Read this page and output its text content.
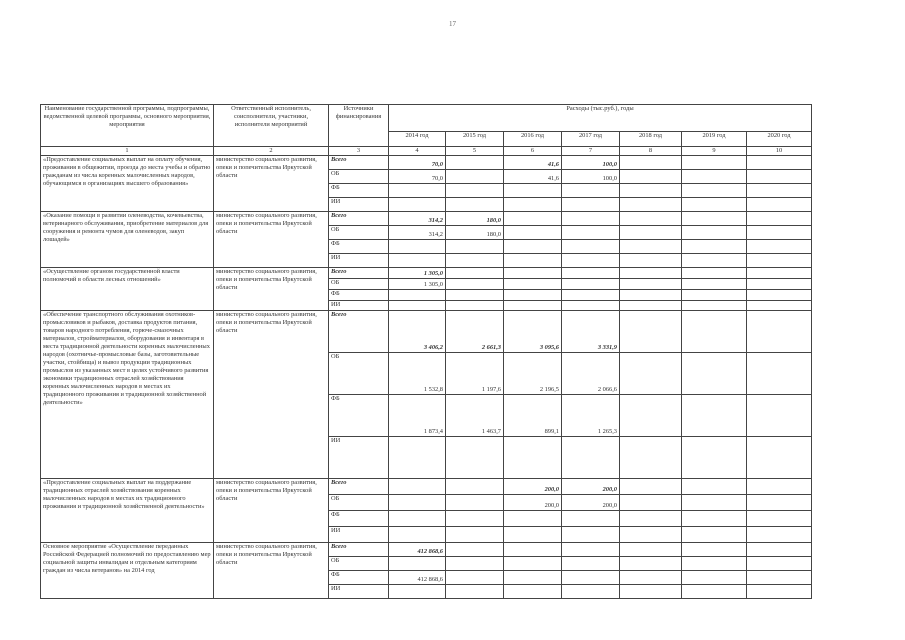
17
Наименование государственной программы, подпрограммы, ведомственной целевой программы, основного мероприятия, мероприятия	Ответственный исполнитель, соисполнители, участники, исполнители мероприятий	Источники финансирования	Расходы (тыс.руб.), годы						
			2014 год	2015 год	2016 год	2017 год	2018 год	2019 год	2020 год
1	2	3	4	5	6	7	8	9	10
«Предоставление социальных выплат на оплату обучения, проживания в общежитии, проезда до места учебы и обратно гражданам из числа коренных малочисленных народов, обучающимся в организациях высшего образования»	министерство социального развития, опеки и попечительства Иркутской области	Всего	70,0		41,6	100,0			
		ОБ	70,0		41,6	100,0			
		ФБ							
		ИИ							
«Оказание помощи в развитии оленеводства, кочевьевства, ветеринарного обслуживания, приобретение материалов для сооружения и ремонта чумов для оленеводов, закуп лошадей»	министерство социального развития, опеки и попечительства Иркутской области	Всего	314,2	180,0					
		ОБ	314,2	180,0					
		ФБ							
		ИИ							
«Осуществление органом государственной власти полномочий в области лесных отношений»	министерство социального развития, опеки и попечительства Иркутской области	Всего	1 305,0						
		ОБ	1 305,0						
		ФБ							
		ИИ							
«Обеспечение транспортного обслуживания охотников-промысловиков и рыбаков, доставка продуктов питания, товаров народного потребления, горюче-смазочных материалов, стройматериалов, оборудования и инвентаря в места традиционной деятельности коренных малочисленных народов (охотничье-промысловые базы, заготовительные участки, стойбища) и вывоз продукции традиционных промыслов из указанных мест в целях устойчивого развития экономики традиционных отраслей хозяйствования коренных малочисленных народов в местах их традиционного проживания и традиционной хозяйственной деятельности»	министерство социального развития, опеки и попечительства Иркутской области	Всего	3 406,2	2 661,3	3 095,6	3 331,9			
		ОБ	1 532,8	1 197,6	2 196,5	2 066,6			
		ФБ	1 873,4	1 463,7	899,1	1 265,3			
		ИИ							
«Предоставление социальных выплат на поддержание традиционных отраслей хозяйствования коренных малочисленных народов в местах их традиционного проживания и традиционной хозяйственной деятельности»	министерство социального развития, опеки и попечительства Иркутской области	Всего			200,0	200,0			
		ОБ			200,0	200,0			
		ФБ							
		ИИ							
Основное мероприятие «Осуществление переданных Российской Федерацией полномочий по предоставлению мер социальной защиты инвалидам и отдельным категориям граждан из числа ветеранов» на 2014 год	министерство социального развития, опеки и попечительства Иркутской области	Всего	412 868,6						
		ОБ							
		ФБ	412 868,6						
		ИИ							
